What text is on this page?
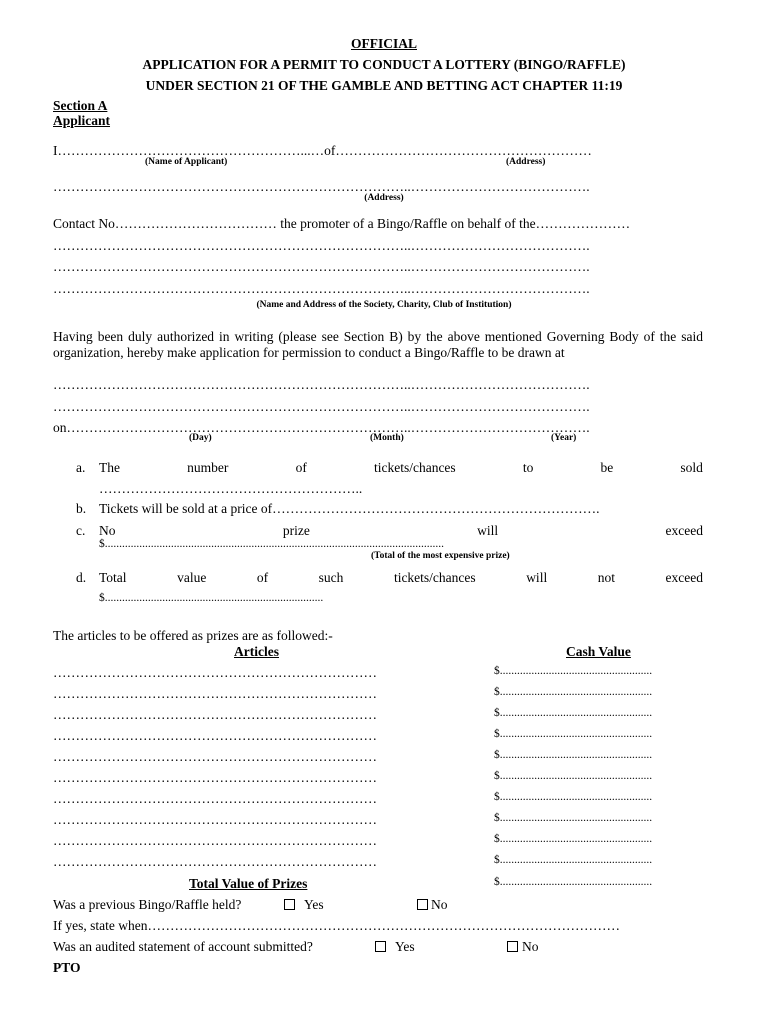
OFFICIAL
APPLICATION FOR A PERMIT TO CONDUCT A LOTTERY (BINGO/RAFFLE)
UNDER SECTION 21 OF THE GAMBLE AND BETTING ACT CHAPTER 11:19
Section A
Applicant
I………………………………………………...…of…………………………………………………
(Name of Applicant)	(Address)
……………………………………………………………………..………………………………….
(Address)
Contact No……………………………… the promoter of a Bingo/Raffle on behalf of the…………………
……………………………………………………………………..………………………………….
……………………………………………………………………..………………………………….
……………………………………………………………………..………………………………….
(Name and Address of the Society, Charity, Club of Institution)
Having been duly authorized in writing (please see Section B) by the above mentioned Governing Body of the said organization, hereby make application for permission to conduct a Bingo/Raffle to be drawn at
……………………………………………………………………..………………………………….
……………………………………………………………………..………………………………….
on…………………………………………………………………..………………………………….
(Day)	(Month)	(Year)
a. The	number	of	tickets/chances	to	be	sold
…………………………………………………..
b. Tickets will be sold at a price of……………………………………………………………….
c. No	prize	will	exceed
$......................................................................................................................
(Total of the most expensive prize)
d. Total	value	of	such	tickets/chances	will	not	exceed
$............................................................................
The articles to be offered as prizes are as followed:-
Articles	Cash Value
………………………………………………………………	$.....................................................
………………………………………………………………	$.....................................................
………………………………………………………………	$.....................................................
………………………………………………………………	$.....................................................
………………………………………………………………	$.....................................................
………………………………………………………………	$.....................................................
………………………………………………………………	$.....................................................
………………………………………………………………	$.....................................................
………………………………………………………………	$.....................................................
………………………………………………………………	$.....................................................
Total Value of Prizes	$.....................................................
Was a previous Bingo/Raffle held?	Yes	No
If yes, state when……………………………………………………………………………………………
Was an audited statement of account submitted?	Yes	No
PTO
